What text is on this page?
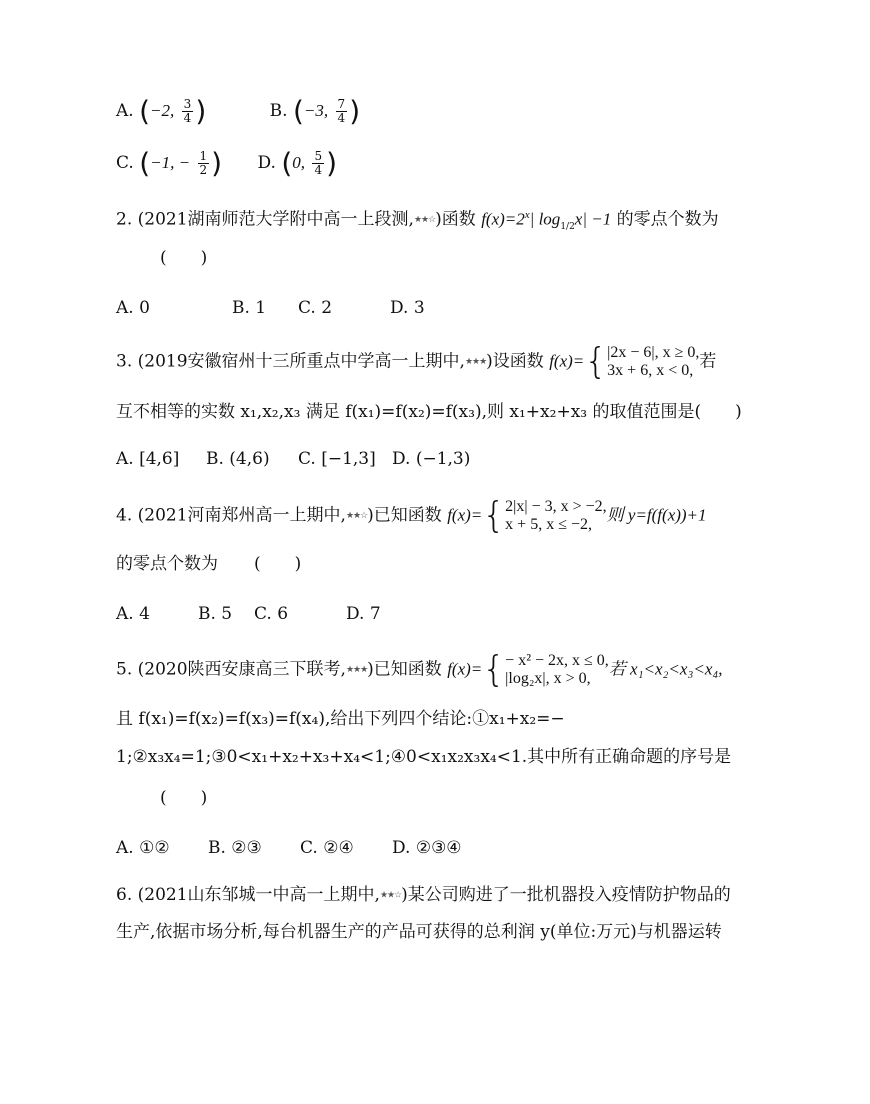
A. (−2, $\frac{3}{4}$ )	B. (−3, $\frac{7}{4}$ )
C. (−1, − $\frac{1}{2}$ ) D. (0, $\frac{5}{4}$ )
2. (2021湖南师范大学附中高一上段测,★★☆)函数 $f(x)=2^x|$ $\log_{1/2}x| -1$ 的零点个数为
(　　)
A. 0	B. 1 C. 2	D. 3
3. (2019安徽宿州十三所重点中学高一上期中,★★★)设函数 f(x)={|2x − 6|, x ≥ 0,
3x + 6, x < 0, 若
互不相等的实数 x₁,x₂,x₃ 满足 f(x₁)=f(x₂)=f(x₃),则 x₁+x₂+x₃ 的取值范围是(　　)
A. [4,6] B. (4,6) C. [−1,3] D. (−1,3)
4. (2021河南郑州高一上期中,★★☆)已知函数 f(x)={2|x| − 3, x > −2,
x + 5, x ≤ −2, 则 y=f(f(x))+1
的零点个数为 (　　)
A. 4	B. 5 C. 6	D. 7
5. (2020陕西安康高三下联考,★★★)已知函数 f(x)={− x² − 2x, x ≤ 0,
|log₂x|, x > 0, 若 x₁<x₂<x₃<x₄,
且 f(x₁)=f(x₂)=f(x₃)=f(x₄),给出下列四个结论:①x₁+x₂=−
1;②x₃x₄=1;③0<x₁+x₂+x₃+x₄<1;④0<x₁x₂x₃x₄<1.其中所有正确命题的序号是
(　　)
A. ①② B. ②③ C. ②④ D. ②③④
6. (2021山东邹城一中高一上期中,★★☆)某公司购进了一批机器投入疫情防护物品的
生产,依据市场分析,每台机器生产的产品可获得的总利润 y(单位:万元)与机器运转
